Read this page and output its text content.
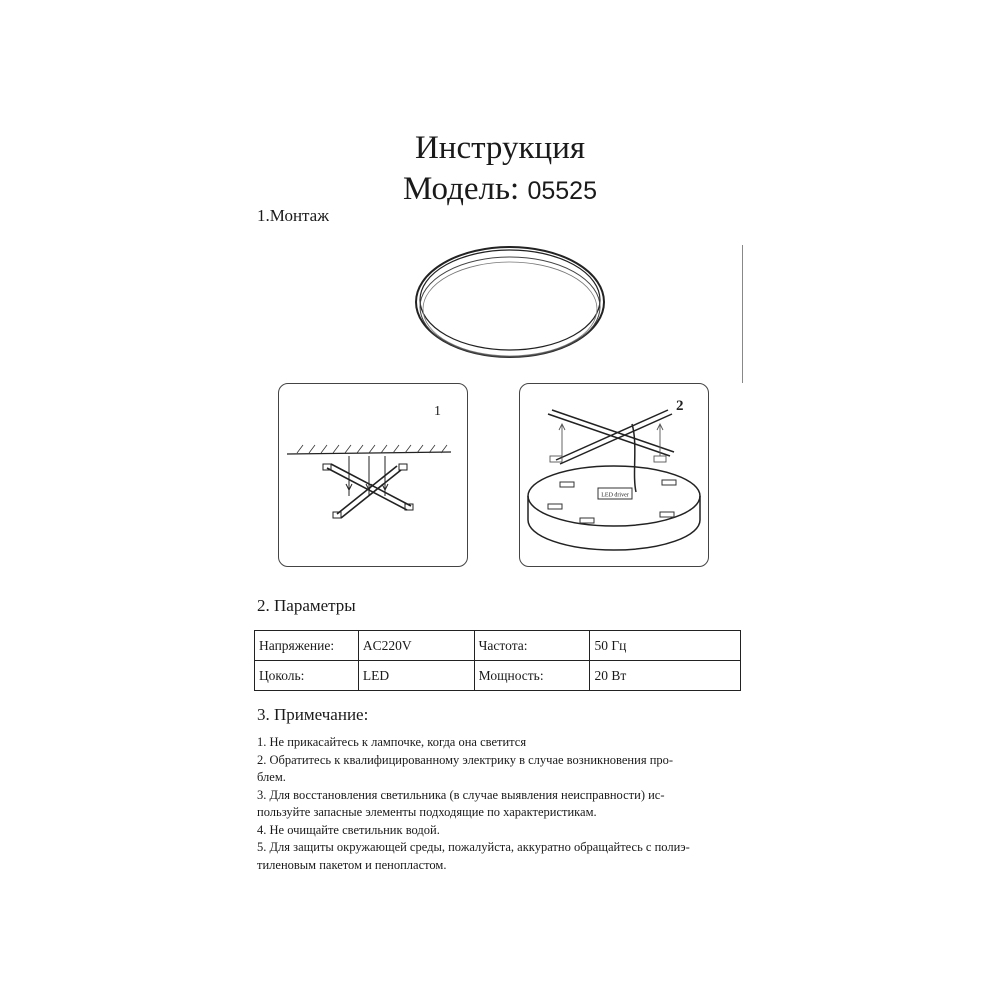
Инструкция
Модель: 05525
1.Монтаж
1	2
LED driver
2. Параметры
Напряжение:	AC220V	Частота:	50 Гц
Цоколь:	LED	Мощность:	20 Вт
3. Примечание:
1. Не прикасайтесь к лампочке, когда она светится
2. Обратитесь к квалифицированному электрику в случае возникновения про-
блем.
3. Для восстановления светильника (в случае выявления неисправности) ис-
пользуйте запасные элементы подходящие по характеристикам.
4. Не очищайте светильник водой.
5. Для защиты окружающей среды, пожалуйста, аккуратно обращайтесь с полиэ-
тиленовым пакетом и пенопластом.
